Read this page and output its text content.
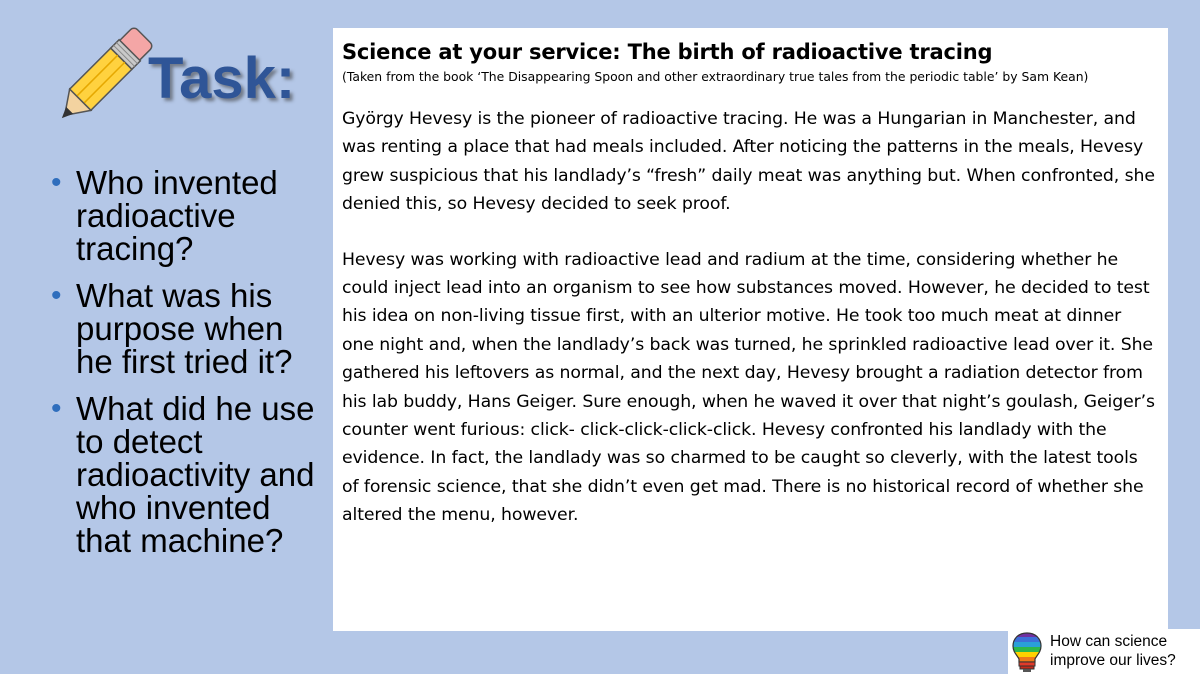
Task:
• Who invented radioactive tracing?
• What was his purpose when he first tried it?
• What did he use to detect radioactivity and who invented that machine?
Science at your service: The birth of radioactive tracing

(Taken from the book ‘The Disappearing Spoon and other extraordinary true tales from the periodic table’ by Sam Kean)

György Hevesy is the pioneer of radioactive tracing. He was a Hungarian in Manchester, and was renting a place that had meals included. After noticing the patterns in the meals, Hevesy grew suspicious that his landlady’s “fresh” daily meat was anything but. When confronted, she denied this, so Hevesy decided to seek proof.

Hevesy was working with radioactive lead and radium at the time, considering whether he could inject lead into an organism to see how substances moved. However, he decided to test his idea on non-living tissue first, with an ulterior motive. He took too much meat at dinner one night and, when the landlady’s back was turned, he sprinkled radioactive lead over it. She gathered his leftovers as normal, and the next day, Hevesy brought a radiation detector from his lab buddy, Hans Geiger. Sure enough, when he waved it over that night’s goulash, Geiger’s counter went furious: click- click-click-click-click. Hevesy confronted his landlady with the evidence. In fact, the landlady was so charmed to be caught so cleverly, with the latest tools of forensic science, that she didn’t even get mad. There is no historical record of whether she altered the menu, however.

How can science
improve our lives?
